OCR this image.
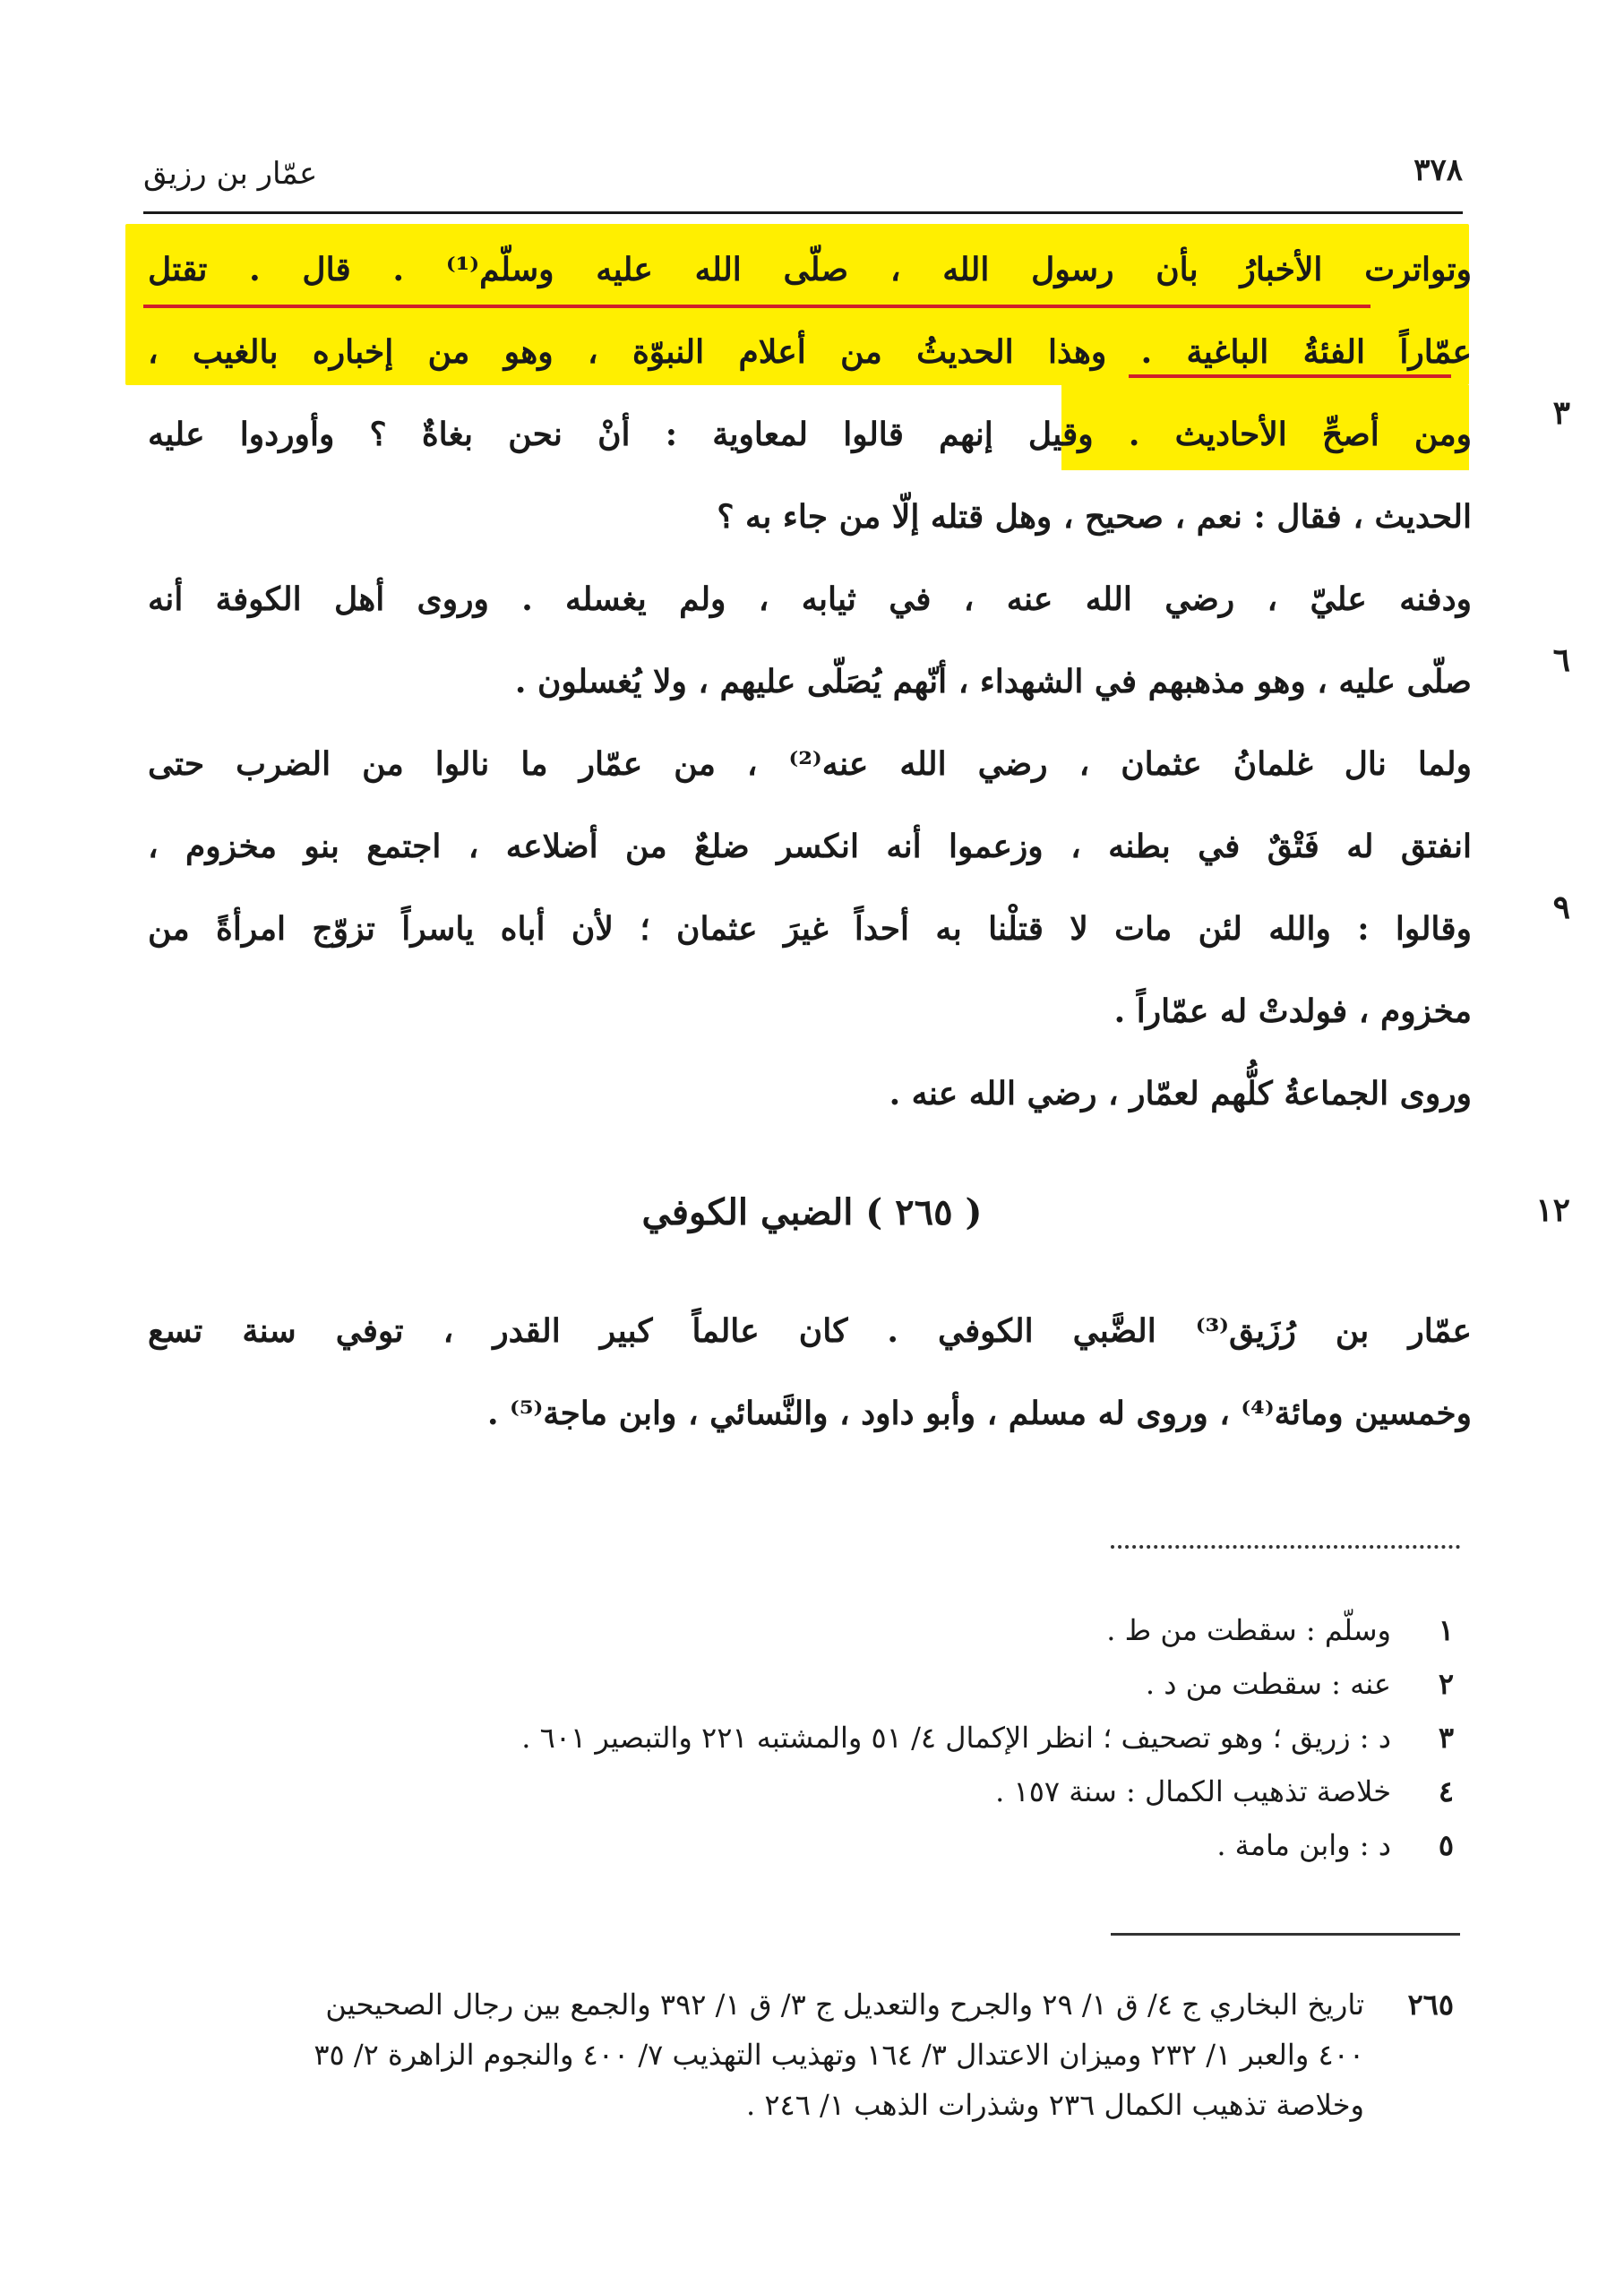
٣٧٨
عمّار بن رزيق
وتواترت الأخبارُ بأن رسول الله ، صلّى الله عليه وسلّم⁽¹⁾ . قال . تقتل
عمّاراً الفئةُ الباغية . وهذا الحديثُ من أعلام النبوّة ، وهو من إخباره بالغيب ،
ومن أصحِّ الأحاديث . وقيل إنهم قالوا لمعاوية : أنْ نحن بغاةٌ ؟ وأوردوا عليه
الحديث ، فقال : نعم ، صحيح ، وهل قتله إلّا من جاء به ؟
ودفنه عليّ ، رضي الله عنه ، في ثيابه ، ولم يغسله . وروى أهل الكوفة أنه
صلّى عليه ، وهو مذهبهم في الشهداء ، أنّهم يُصَلّى عليهم ، ولا يُغسلون .
ولما نال غلمانُ عثمان ، رضي الله عنه⁽²⁾ ، من عمّار ما نالوا من الضرب حتى
انفتق له فَتْقٌ في بطنه ، وزعموا أنه انكسر ضلعٌ من أضلاعه ، اجتمع بنو مخزوم ،
وقالوا : والله لئن مات لا قتلْنا به أحداً غيرَ عثمان ؛ لأن أباه ياسراً تزوّج امرأةً من
مخزوم ، فولدتْ له عمّاراً .
وروى الجماعةُ كلُّهم لعمّار ، رضي الله عنه .
٣
٦
٩
١٢
( ٢٦٥ ) الضبي الكوفي
عمّار بن رُزَيق⁽³⁾ الضَّبي الكوفي . كان عالماً كبير القدر ، توفي سنة تسع
وخمسين ومائة⁽⁴⁾ ، وروى له مسلم ، وأبو داود ، والنَّسائي ، وابن ماجة⁽⁵⁾ .
١
وسلّم : سقطت من ط .
٢
عنه : سقطت من د .
٣
د : زريق ؛ وهو تصحيف ؛ انظر الإكمال ٤/ ٥١ والمشتبه ٢٢١ والتبصير ٦٠١ .
٤
خلاصة تذهيب الكمال : سنة ١٥٧ .
٥
د : وابن مامة .
٢٦٥تاريخ البخاري ج ٤/ ق ١/ ٢٩ والجرح والتعديل ج ٣/ ق ١/ ٣٩٢ والجمع بين رجال الصحيحين
٤٠٠ والعبر ١/ ٢٣٢ وميزان الاعتدال ٣/ ١٦٤ وتهذيب التهذيب ٧/ ٤٠٠ والنجوم الزاهرة ٢/ ٣٥
وخلاصة تذهيب الكمال ٢٣٦ وشذرات الذهب ١/ ٢٤٦ .
